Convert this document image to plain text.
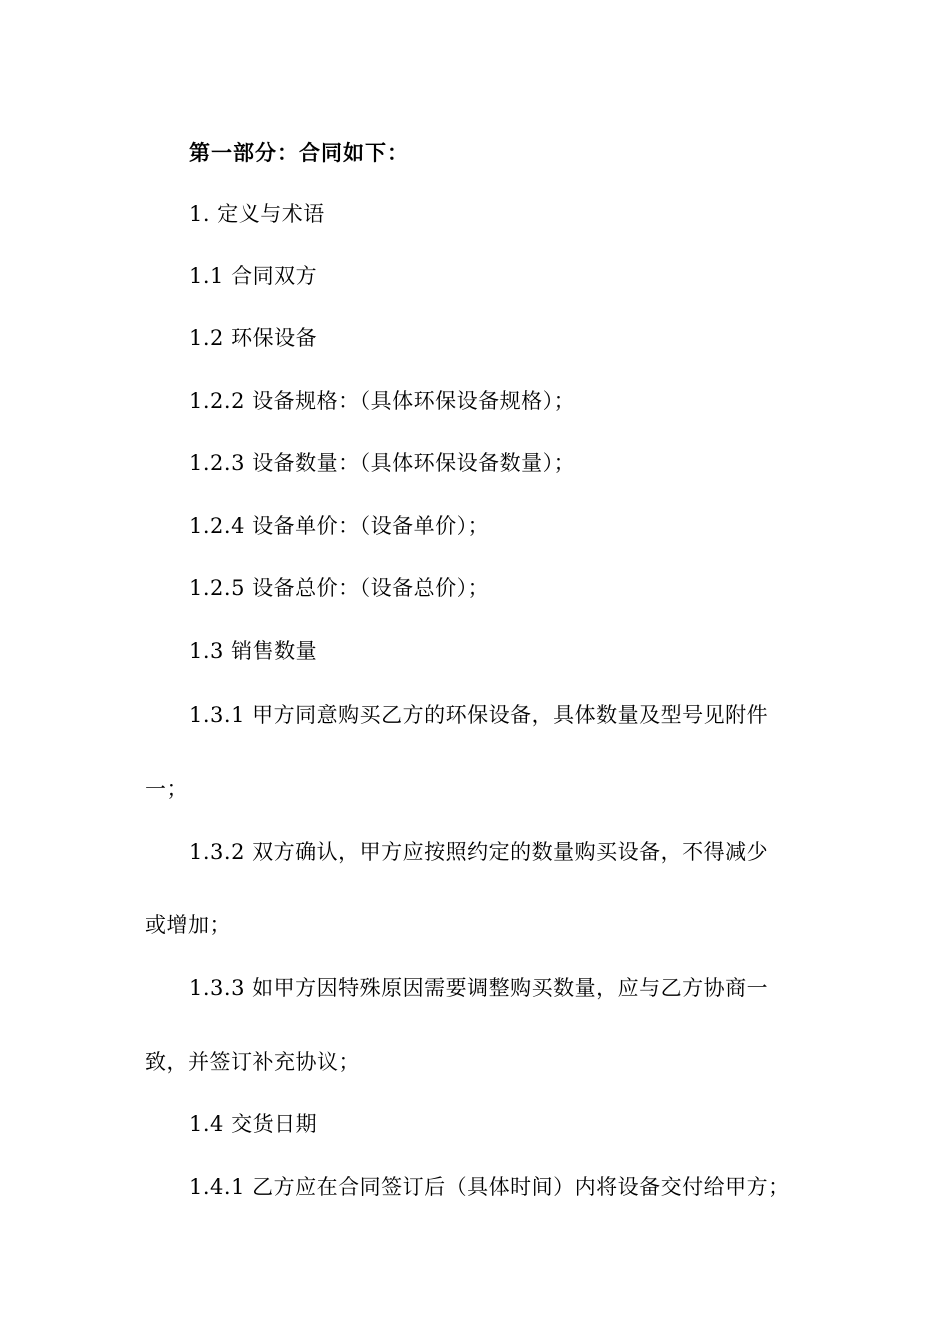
第一部分：合同如下：
1. 定义与术语
1.1 合同双方
1.2 环保设备
1.2.2 设备规格：（具体环保设备规格）；
1.2.3 设备数量：（具体环保设备数量）；
1.2.4 设备单价：（设备单价）；
1.2.5 设备总价：（设备总价）；
1.3 销售数量
1.3.1 甲方同意购买乙方的环保设备，具体数量及型号见附件
一；
1.3.2 双方确认，甲方应按照约定的数量购买设备，不得减少
或增加；
1.3.3 如甲方因特殊原因需要调整购买数量，应与乙方协商一
致，并签订补充协议；
1.4 交货日期
1.4.1 乙方应在合同签订后（具体时间）内将设备交付给甲方；
